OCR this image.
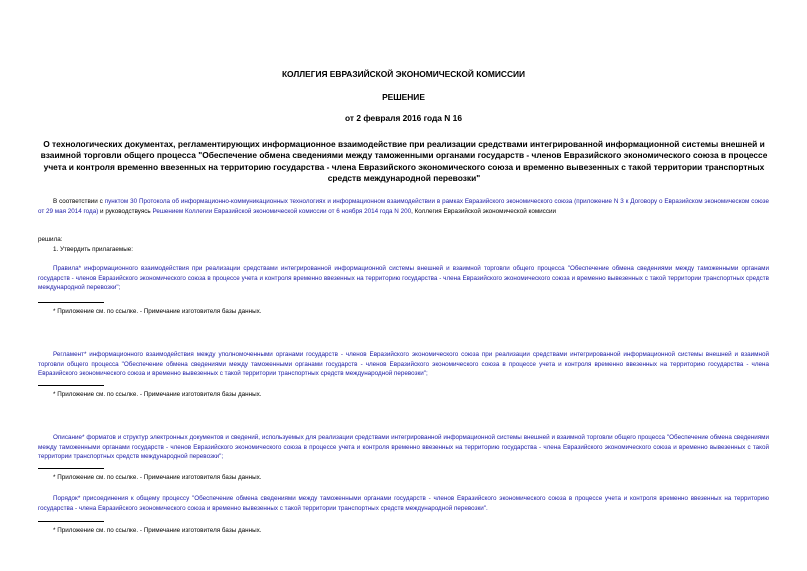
КОЛЛЕГИЯ ЕВРАЗИЙСКОЙ ЭКОНОМИЧЕСКОЙ КОМИССИИ
РЕШЕНИЕ
от 2 февраля 2016 года N 16
О технологических документах, регламентирующих информационное взаимодействие при реализации средствами интегрированной информационной системы внешней и взаимной торговли общего процесса "Обеспечение обмена сведениями между таможенными органами государств - членов Евразийского экономического союза в процессе учета и контроля временно ввезенных на территорию государства - члена Евразийского экономического союза и временно вывезенных с такой территории транспортных средств международной перевозки"
В соответствии с пунктом 30 Протокола об информационно-коммуникационных технологиях и информационном взаимодействии в рамках Евразийского экономического союза (приложение N 3 к Договору о Евразийском экономическом союзе от 29 мая 2014 года) и руководствуясь Решением Коллегии Евразийской экономической комиссии от 6 ноября 2014 года N 200, Коллегия Евразийской экономической комиссии
решила:
1. Утвердить прилагаемые:
Правила* информационного взаимодействия при реализации средствами интегрированной информационной системы внешней и взаимной торговли общего процесса "Обеспечение обмена сведениями между таможенными органами государств - членов Евразийского экономического союза в процессе учета и контроля временно ввезенных на территорию государства - члена Евразийского экономического союза и временно вывезенных с такой территории транспортных средств международной перевозки";
* Приложение см. по ссылке. - Примечание изготовителя базы данных.
Регламент* информационного взаимодействия между уполномоченными органами государств - членов Евразийского экономического союза при реализации средствами интегрированной информационной системы внешней и взаимной торговли общего процесса "Обеспечение обмена сведениями между таможенными органами государств - членов Евразийского экономического союза в процессе учета и контроля временно ввезенных на территорию государства - члена Евразийского экономического союза и временно вывезенных с такой территории транспортных средств международной перевозки";
* Приложение см. по ссылке. - Примечание изготовителя базы данных.
Описание* форматов и структур электронных документов и сведений, используемых для реализации средствами интегрированной информационной системы внешней и взаимной торговли общего процесса "Обеспечение обмена сведениями между таможенными органами государств - членов Евразийского экономического союза в процессе учета и контроля временно ввезенных на территорию государства - члена Евразийского экономического союза и временно вывезенных с такой территории транспортных средств международной перевозки";
* Приложение см. по ссылке. - Примечание изготовителя базы данных.
Порядок* присоединения к общему процессу "Обеспечение обмена сведениями между таможенными органами государств - членов Евразийского экономического союза в процессе учета и контроля временно ввезенных на территорию государства - члена Евразийского экономического союза и временно вывезенных с такой территории транспортных средств международной перевозки".
* Приложение см. по ссылке. - Примечание изготовителя базы данных.
